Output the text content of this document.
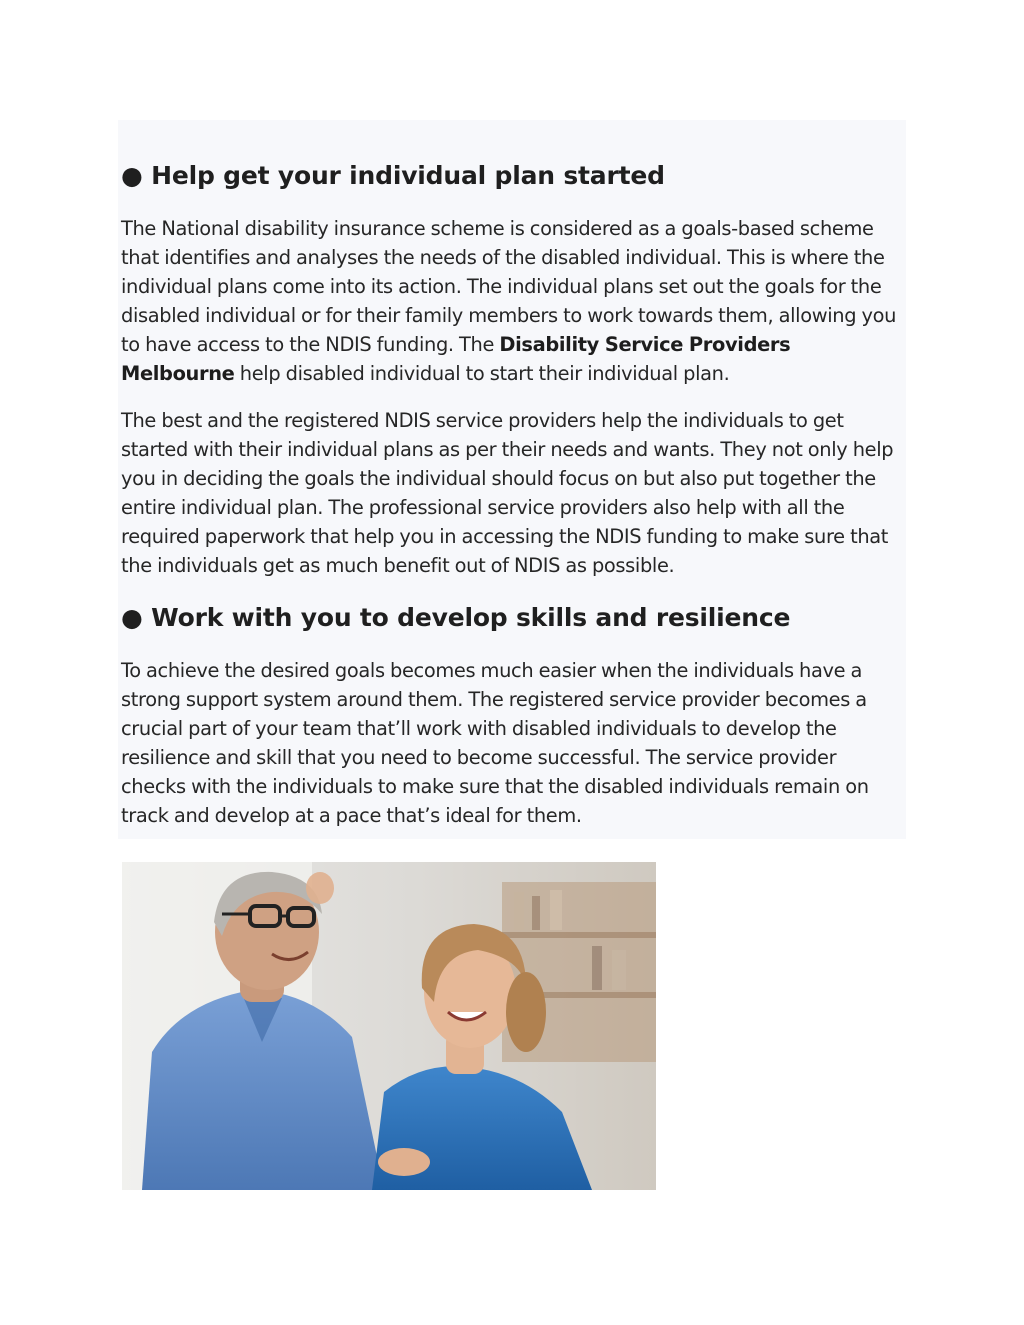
● Help get your individual plan started

The National disability insurance scheme is considered as a goals-based scheme that identifies and analyses the needs of the disabled individual. This is where the individual plans come into its action. The individual plans set out the goals for the disabled individual or for their family members to work towards them, allowing you to have access to the NDIS funding. The Disability Service Providers Melbourne help disabled individual to start their individual plan.

The best and the registered NDIS service providers help the individuals to get started with their individual plans as per their needs and wants. They not only help you in deciding the goals the individual should focus on but also put together the entire individual plan. The professional service providers also help with all the required paperwork that help you in accessing the NDIS funding to make sure that the individuals get as much benefit out of NDIS as possible.

● Work with you to develop skills and resilience

To achieve the desired goals becomes much easier when the individuals have a strong support system around them. The registered service provider becomes a crucial part of your team that’ll work with disabled individuals to develop the resilience and skill that you need to become successful. The service provider checks with the individuals to make sure that the disabled individuals remain on track and develop at a pace that’s ideal for them.
